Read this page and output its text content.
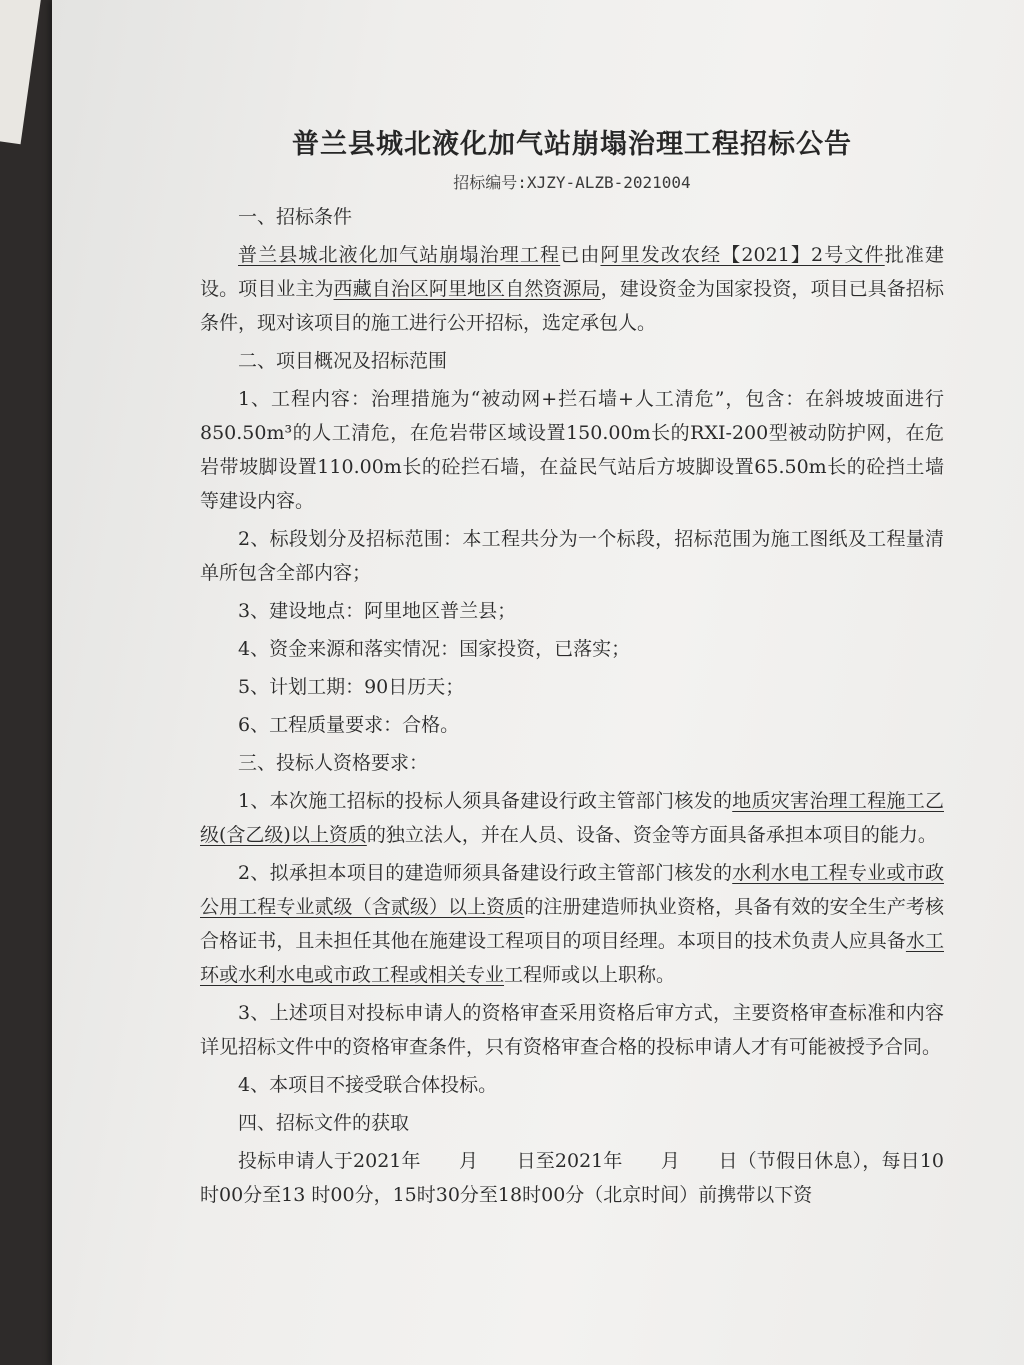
普兰县城北液化加气站崩塌治理工程招标公告
招标编号:XJZY-ALZB-2021004
一、招标条件
普兰县城北液化加气站崩塌治理工程已由阿里发改农经【2021】2号文件批准建设。项目业主为西藏自治区阿里地区自然资源局，建设资金为国家投资，项目已具备招标条件，现对该项目的施工进行公开招标，选定承包人。
二、项目概况及招标范围
1、工程内容：治理措施为“被动网+拦石墙+人工清危”，包含：在斜坡坡面进行850.50m³的人工清危，在危岩带区域设置150.00m长的RXI-200型被动防护网，在危岩带坡脚设置110.00m长的砼拦石墙，在益民气站后方坡脚设置65.50m长的砼挡土墙等建设内容。
2、标段划分及招标范围：本工程共分为一个标段，招标范围为施工图纸及工程量清单所包含全部内容；
3、建设地点：阿里地区普兰县；
4、资金来源和落实情况：国家投资，已落实；
5、计划工期：90日历天；
6、工程质量要求：合格。
三、投标人资格要求：
1、本次施工招标的投标人须具备建设行政主管部门核发的地质灾害治理工程施工乙级(含乙级)以上资质的独立法人，并在人员、设备、资金等方面具备承担本项目的能力。
2、拟承担本项目的建造师须具备建设行政主管部门核发的水利水电工程专业或市政公用工程专业贰级（含贰级）以上资质的注册建造师执业资格，具备有效的安全生产考核合格证书，且未担任其他在施建设工程项目的项目经理。本项目的技术负责人应具备水工环或水利水电或市政工程或相关专业工程师或以上职称。
3、上述项目对投标申请人的资格审查采用资格后审方式，主要资格审查标准和内容详见招标文件中的资格审查条件，只有资格审查合格的投标申请人才有可能被授予合同。
4、本项目不接受联合体投标。
四、招标文件的获取
投标申请人于2021年　　月　　日至2021年　　月　　日（节假日休息），每日10时00分至13 时00分，15时30分至18时00分（北京时间）前携带以下资
